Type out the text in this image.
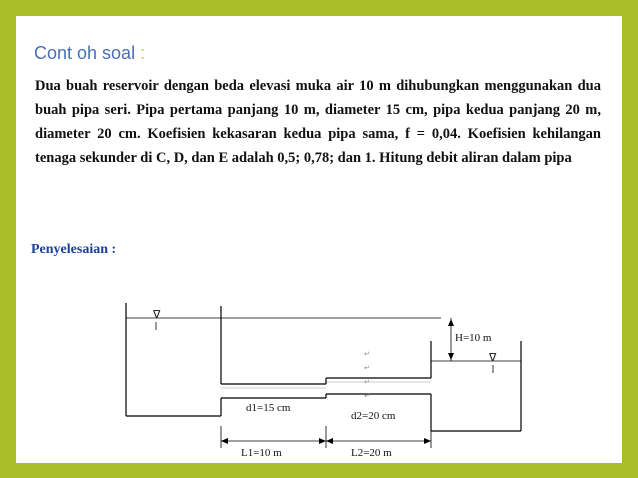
Cont oh soal :
Dua buah reservoir dengan beda elevasi muka air 10 m dihubungkan menggunakan dua buah pipa seri. Pipa pertama panjang 10 m, diameter 15 cm, pipa kedua panjang 20 m, diameter 20 cm. Koefisien kekasaran kedua pipa sama, f = 0,04. Koefisien kehilangan tenaga sekunder di C, D, dan E adalah 0,5; 0,78; dan 1. Hitung debit aliran dalam pipa
Penyelesaian :
∇
∇
H=10 m
↵
↵
↵
↵
d1=15 cm
d2=20 cm
L1=10 m	L2=20 m
